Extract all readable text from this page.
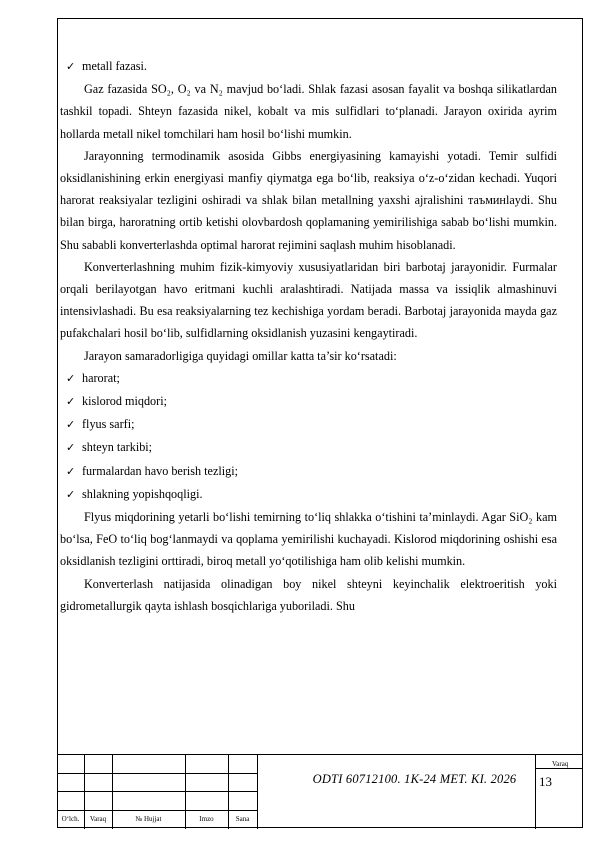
✓ metall fazasi.

Gaz fazasida SO₂, O₂ va N₂ mavjud bo‘ladi. Shlak fazasi asosan fayalit va boshqa silikatlardan tashkil topadi. Shteyn fazasida nikel, kobalt va mis sulfidlari to‘planadi. Jarayon oxirida ayrim hollarda metall nikel tomchilari ham hosil bo‘lishi mumkin.

Jarayonning termodinamik asosida Gibbs energiyasining kamayishi yotadi. Temir sulfidi oksidlanishining erkin energiyasi manfiy qiymatga ega bo‘lib, reaksiya o‘z-o‘zidan kechadi. Yuqori harorat reaksiyalar tezligini oshiradi va shlak bilan metallning yaxshi ajralishini таъминlaydi. Shu bilan birga, haroratning ortib ketishi olovbardosh qoplamaning yemirilishiga sabab bo‘lishi mumkin. Shu sababli konverterlashda optimal harorat rejimini saqlash muhim hisoblanadi.

Konverterlashning muhim fizik-kimyoviy xususiyatlaridan biri barbotaj jarayonidir. Furmalar orqali berilayotgan havo eritmani kuchli aralashtiradi. Natijada massa va issiqlik almashinuvi intensivlashadi. Bu esa reaksiyalarning tez kechishiga yordam beradi. Barbotaj jarayonida mayda gaz pufakchalari hosil bo‘lib, sulfidlarning oksidlanish yuzasini kengaytiradi.

Jarayon samaradorligiga quyidagi omillar katta ta’sir ko‘rsatadi:

✓ harorat;

✓ kislorod miqdori;

✓ flyus sarfi;

✓ shteyn tarkibi;

✓ furmalardan havo berish tezligi;

✓ shlakning yopishqoqligi.

Flyus miqdorining yetarli bo‘lishi temirning to‘liq shlakka o‘tishini ta’minlaydi. Agar SiO₂ kam bo‘lsa, FeO to‘liq bog‘lanmaydi va qoplama yemirilishi kuchayadi. Kislorod miqdorining oshishi esa oksidlanish tezligini orttiradi, biroq metall yo‘qotilishiga ham olib kelishi mumkin.

Konverterlash natijasida olinadigan boy nikel shteyni keyinchalik elektroeritish yoki gidrometallurgik qayta ishlash bosqichlariga yuboriladi. Shu

O‘lch.	Varaq	№ Hujjat	Imzo	Sana
ODTI 60712100. 1K-24 MET. KI. 2026
Varaq
13
